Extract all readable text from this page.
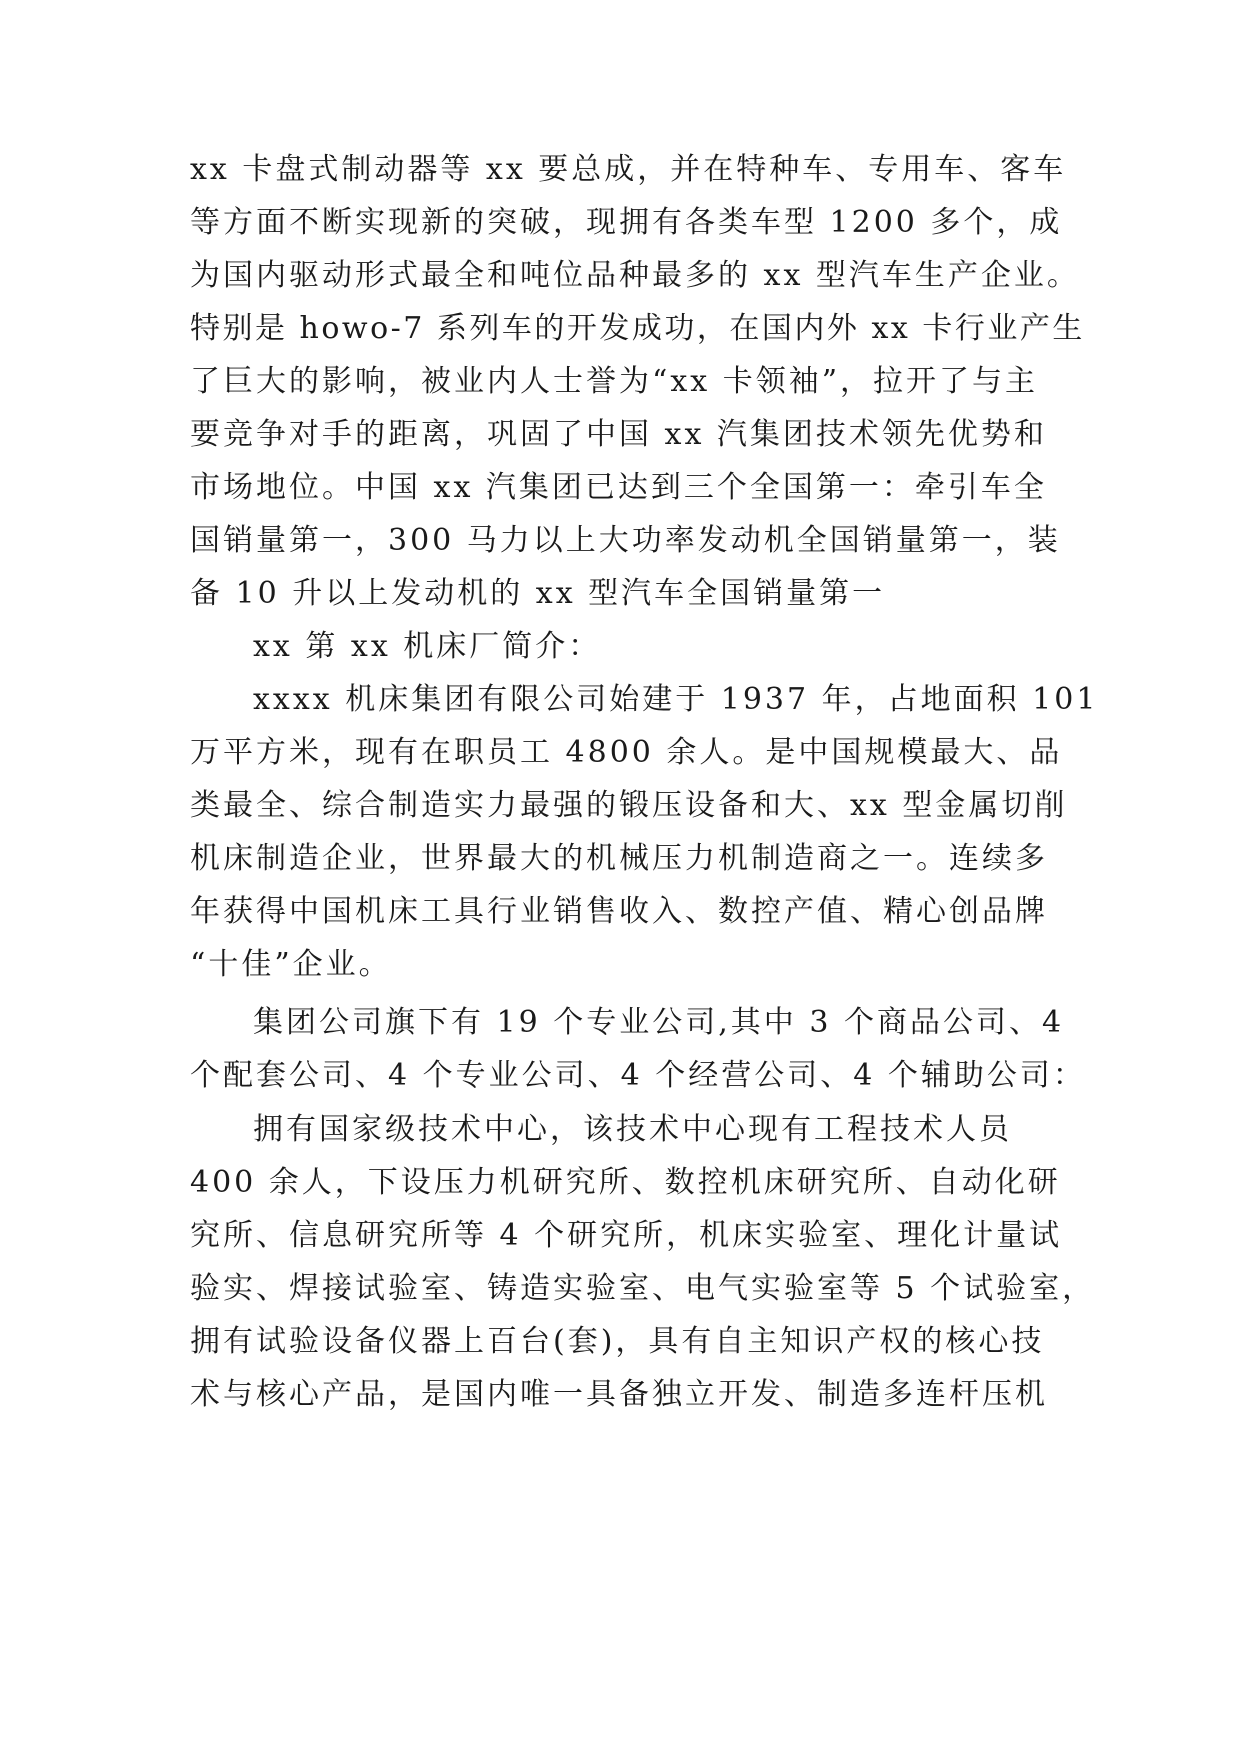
xx 卡盘式制动器等 xx 要总成，并在特种车、专用车、客车
等方面不断实现新的突破，现拥有各类车型 1200 多个，成
为国内驱动形式最全和吨位品种最多的 xx 型汽车生产企业。
特别是 howo-7 系列车的开发成功，在国内外 xx 卡行业产生
了巨大的影响，被业内人士誉为“xx 卡领袖”，拉开了与主
要竞争对手的距离，巩固了中国 xx 汽集团技术领先优势和
市场地位。中国 xx 汽集团已达到三个全国第一：牵引车全
国销量第一，300 马力以上大功率发动机全国销量第一，装
备 10 升以上发动机的 xx 型汽车全国销量第一
xx 第 xx 机床厂简介：
xxxx 机床集团有限公司始建于 1937 年，占地面积 101
万平方米，现有在职员工 4800 余人。是中国规模最大、品
类最全、综合制造实力最强的锻压设备和大、xx 型金属切削
机床制造企业，世界最大的机械压力机制造商之一。连续多
年获得中国机床工具行业销售收入、数控产值、精心创品牌
“十佳”企业。
集团公司旗下有 19 个专业公司,其中 3 个商品公司、4
个配套公司、4 个专业公司、4 个经营公司、4 个辅助公司：
拥有国家级技术中心，该技术中心现有工程技术人员
400 余人，下设压力机研究所、数控机床研究所、自动化研
究所、信息研究所等 4 个研究所，机床实验室、理化计量试
验实、焊接试验室、铸造实验室、电气实验室等 5 个试验室，
拥有试验设备仪器上百台(套)，具有自主知识产权的核心技
术与核心产品，是国内唯一具备独立开发、制造多连杆压机
